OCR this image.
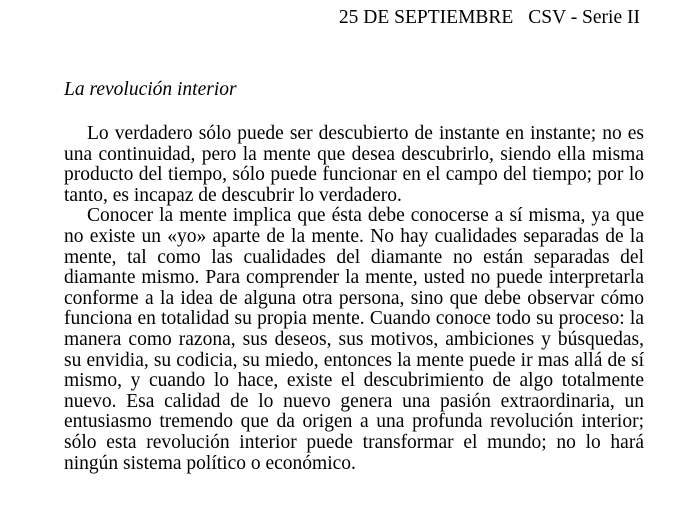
25 DE SEPTIEMBRE CSV - Serie II
La revolución interior

Lo verdadero sólo puede ser descubierto de instante en instante; no es una continuidad, pero la mente que desea descubrirlo, siendo ella misma producto del tiempo, sólo puede funcionar en el campo del tiempo; por lo tanto, es incapaz de descubrir lo verdadero.

Conocer la mente implica que ésta debe conocerse a sí misma, ya que no existe un «yo» aparte de la mente. No hay cualidades separadas de la mente, tal como las cualidades del diamante no están separadas del diamante mismo. Para comprender la mente, usted no puede interpretarla conforme a la idea de alguna otra persona, sino que debe observar cómo funciona en totalidad su propia mente. Cuando conoce todo su proceso: la manera como razona, sus deseos, sus motivos, ambiciones y búsquedas, su envidia, su codicia, su miedo, entonces la mente puede ir mas allá de sí mismo, y cuando lo hace, existe el descubrimiento de algo totalmente nuevo. Esa calidad de lo nuevo genera una pasión extraordinaria, un entusiasmo tremendo que da origen a una profunda revolución interior; sólo esta revolución interior puede transformar el mundo; no lo hará ningún sistema político o económico.
